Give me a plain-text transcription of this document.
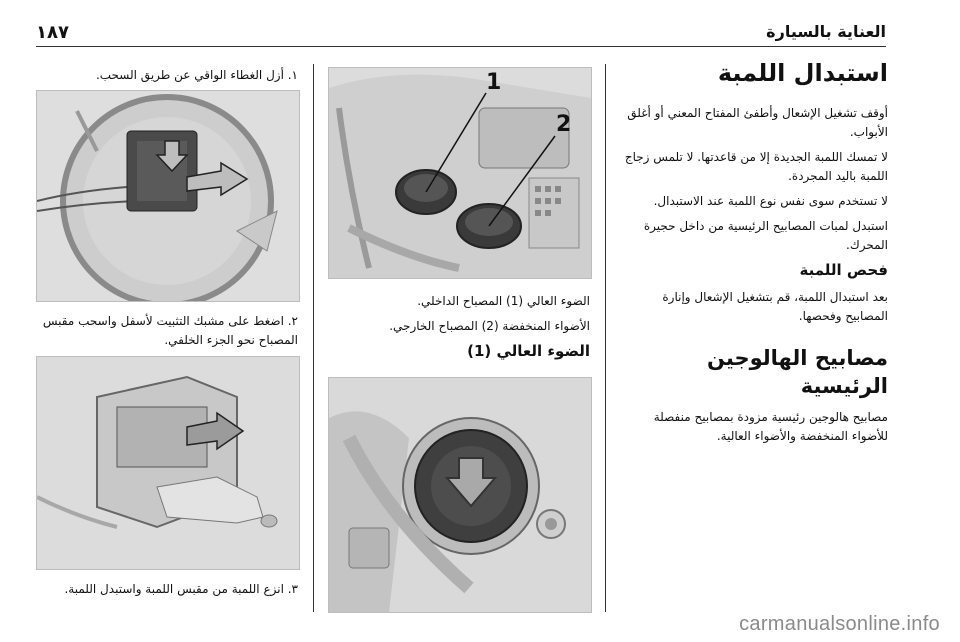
١٨٧	العناية بالسيارة
استبدال اللمبة

أوقف تشغيل الإشعال وأطفئ المفتاح المعني أو أغلق الأبواب.

لا تمسك اللمبة الجديدة إلا من قاعدتها. لا تلمس زجاج اللمبة باليد المجردة.

لا تستخدم سوى نفس نوع اللمبة عند الاستبدال.

استبدل لمبات المصابيح الرئيسية من داخل حجيرة المحرك.

فحص اللمبة

بعد استبدال اللمبة، قم بتشغيل الإشعال وإنارة المصابيح وفحصها.

مصابيح الهالوجين الرئيسية

مصابيح هالوجين رئيسية مزودة بمصابيح منفصلة للأضواء المنخفضة والأضواء العالية.

1
2

الضوء العالي (1) المصباح الداخلي.

الأضواء المنخفضة (2) المصباح الخارجي.

الضوء العالي (1)
١. أزل الغطاء الواقي عن طريق السحب.
٢. اضغط على مشبك التثبيت لأسفل واسحب مقبس المصباح نحو الجزء الخلفي.
٣. انزع اللمبة من مقبس اللمبة واستبدل اللمبة.
carmanualsonline.info
